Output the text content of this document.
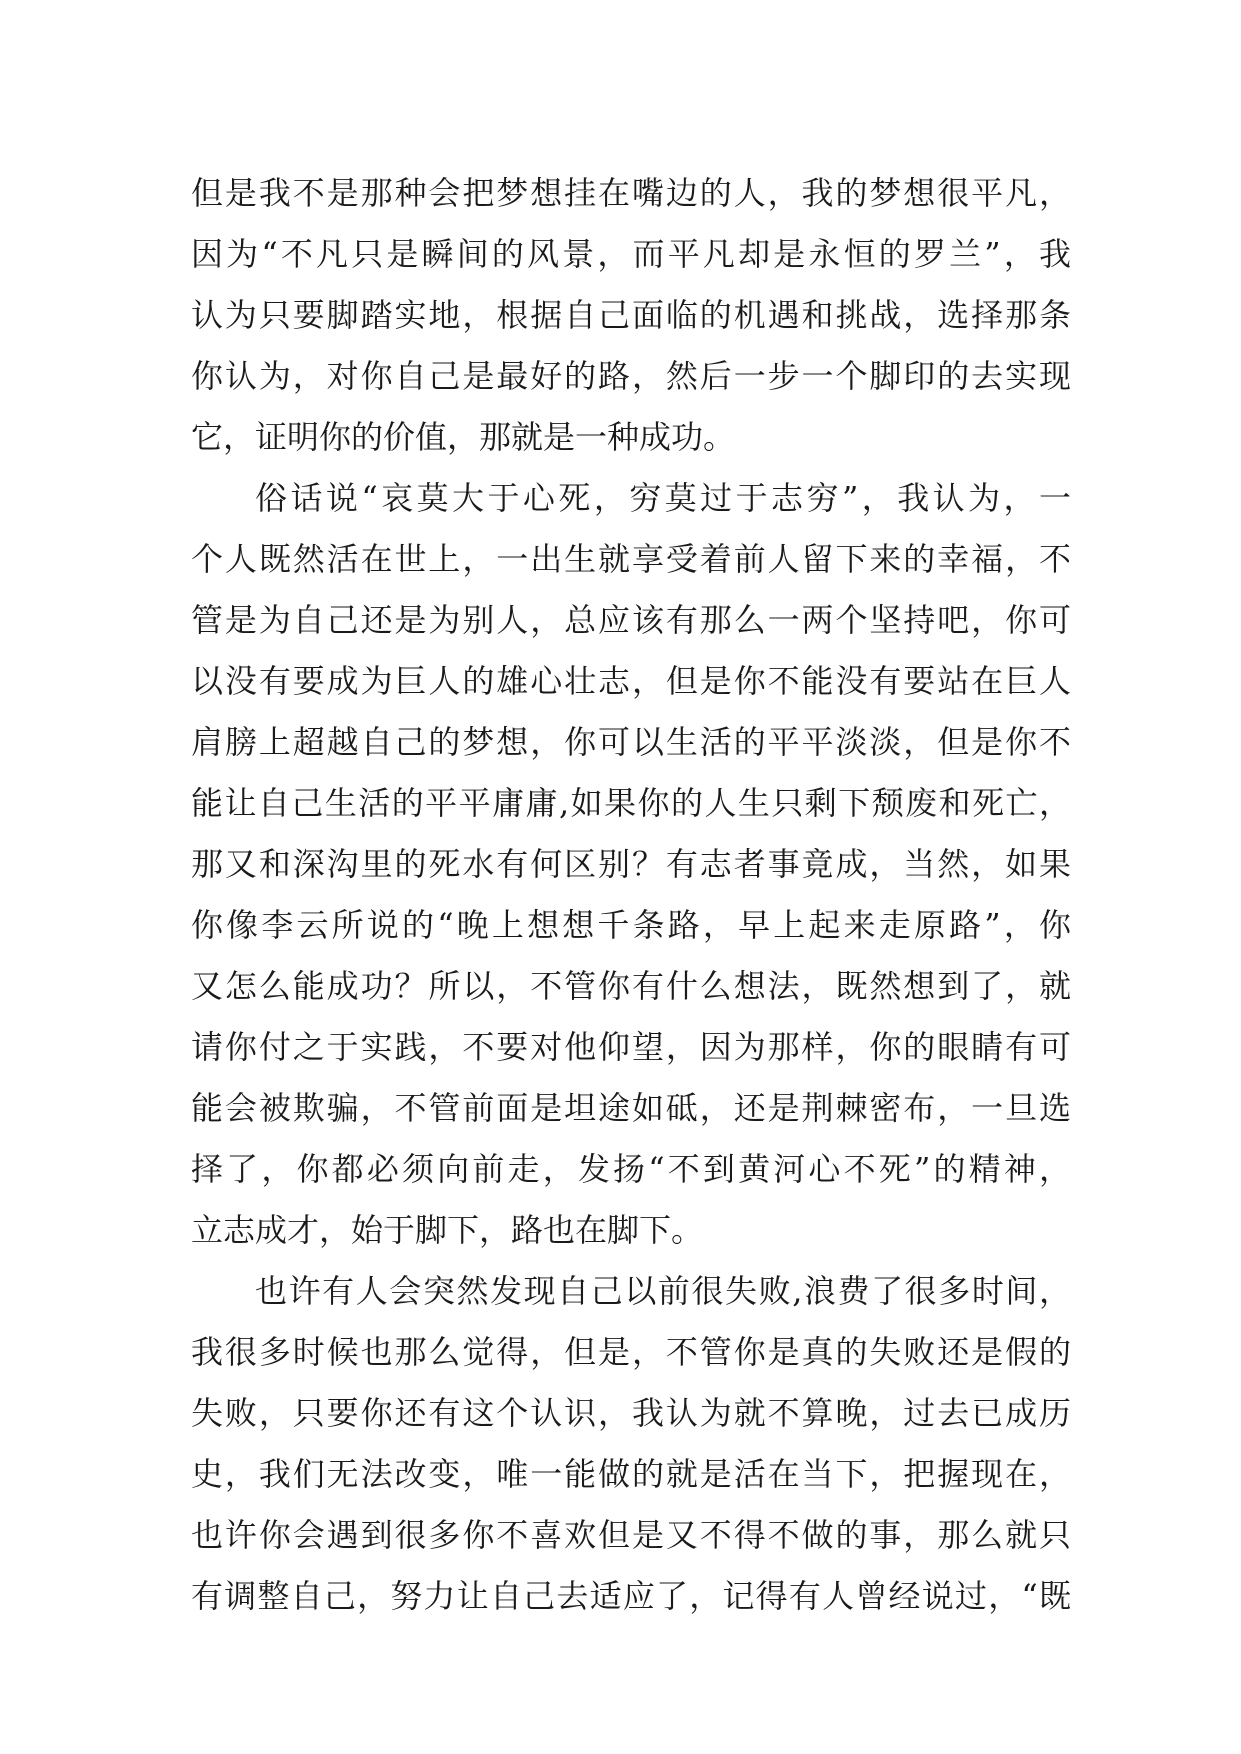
但是我不是那种会把梦想挂在嘴边的人，我的梦想很平凡，
因为“不凡只是瞬间的风景，而平凡却是永恒的罗兰”，我
认为只要脚踏实地，根据自己面临的机遇和挑战，选择那条
你认为，对你自己是最好的路，然后一步一个脚印的去实现
它，证明你的价值，那就是一种成功。
俗话说“哀莫大于心死，穷莫过于志穷”，我认为，一
个人既然活在世上，一出生就享受着前人留下来的幸福，不
管是为自己还是为别人，总应该有那么一两个坚持吧，你可
以没有要成为巨人的雄心壮志，但是你不能没有要站在巨人
肩膀上超越自己的梦想，你可以生活的平平淡淡，但是你不
能让自己生活的平平庸庸,如果你的人生只剩下颓废和死亡，
那又和深沟里的死水有何区别？有志者事竟成，当然，如果
你像李云所说的“晚上想想千条路，早上起来走原路”，你
又怎么能成功？所以，不管你有什么想法，既然想到了，就
请你付之于实践，不要对他仰望，因为那样，你的眼睛有可
能会被欺骗，不管前面是坦途如砥，还是荆棘密布，一旦选
择了，你都必须向前走，发扬“不到黄河心不死”的精神，
立志成才，始于脚下，路也在脚下。
也许有人会突然发现自己以前很失败,浪费了很多时间，
我很多时候也那么觉得，但是，不管你是真的失败还是假的
失败，只要你还有这个认识，我认为就不算晚，过去已成历
史，我们无法改变，唯一能做的就是活在当下，把握现在，
也许你会遇到很多你不喜欢但是又不得不做的事，那么就只
有调整自己，努力让自己去适应了，记得有人曾经说过，“既
